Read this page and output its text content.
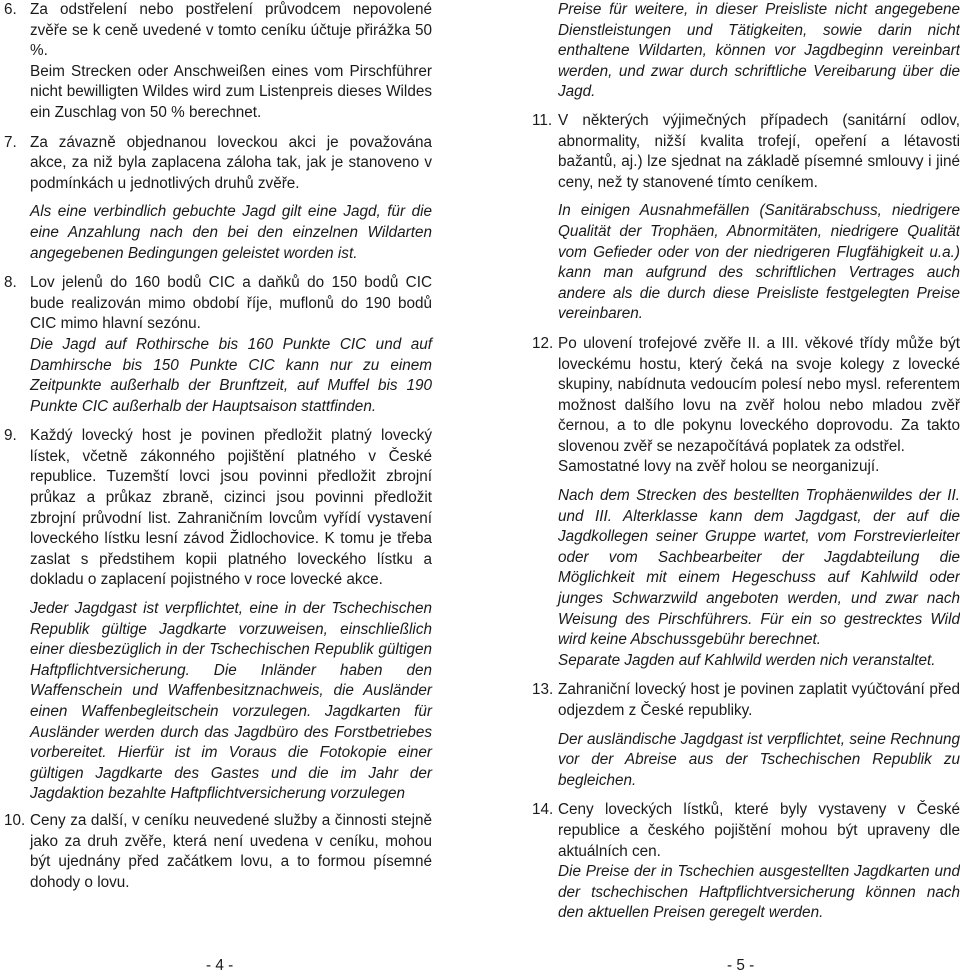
6. Za odstřelení nebo postřelení průvodcem nepovolené zvěře se k ceně uvedené v tomto ceníku účtuje přirážka 50 %.

Beim Strecken oder Anschweißen eines vom Pirschführer nicht bewilligten Wildes wird zum Listenpreis dieses Wildes ein Zuschlag von 50 % berechnet.

7. Za závazně objednanou loveckou akci je považována akce, za niž byla zaplacena záloha tak, jak je stanoveno v podmínkách u jednotlivých druhů zvěře.

Als eine verbindlich gebuchte Jagd gilt eine Jagd, für die eine Anzahlung nach den bei den einzelnen Wildarten angegebenen Bedingungen geleistet worden ist.

8. Lov jelenů do 160 bodů CIC a daňků do 150 bodů CIC bude realizován mimo období říje, muflonů do 190 bodů CIC mimo hlavní sezónu.

Die Jagd auf Rothirsche bis 160 Punkte CIC und auf Damhirsche bis 150 Punkte CIC kann nur zu einem Zeitpunkte außerhalb der Brunftzeit, auf Muffel bis 190 Punkte CIC außerhalb der Hauptsaison stattfinden.

9. Každý lovecký host je povinen předložit platný lovecký lístek, včetně zákonného pojištění platného v České republice. Tuzemští lovci jsou povinni předložit zbrojní průkaz a průkaz zbraně, cizinci jsou povinni předložit zbrojní průvodní list. Zahraničním lovcům vyřídí vystavení loveckého lístku lesní závod Židlochovice. K tomu je třeba zaslat s předstihem kopii platného loveckého lístku a dokladu o zaplacení pojistného v roce lovecké akce.

Jeder Jagdgast ist verpflichtet, eine in der Tschechischen Republik gültige Jagdkarte vorzuweisen, einschließlich einer diesbezüglich in der Tschechischen Republik gültigen Haftpflichtversicherung. Die Inländer haben den Waffenschein und Waffenbesitznachweis, die Ausländer einen Waffenbegleitschein vorzulegen. Jagdkarten für Ausländer werden durch das Jagdbüro des Forstbetriebes vorbereitet. Hierfür ist im Voraus die Fotokopie einer gültigen Jagdkarte des Gastes und die im Jahr der Jagdaktion bezahlte Haftpflichtversicherung vorzulegen

10. Ceny za další, v ceníku neuvedené služby a činnosti stejně jako za druh zvěře, která není uvedena v ceníku, mohou být ujednány před začátkem lovu, a to formou písemné dohody o lovu.

Preise für weitere, in dieser Preisliste nicht angegebene Dienstleistungen und Tätigkeiten, sowie darin nicht enthaltene Wildarten, können vor Jagdbeginn vereinbart werden, und zwar durch schriftliche Vereibarung über die Jagd.

11. V některých výjimečných případech (sanitární odlov, abnormality, nižší kvalita trofejí, opeření a létavosti bažantů, aj.) lze sjednat na základě písemné smlouvy i jiné ceny, než ty stanovené tímto ceníkem.

In einigen Ausnahmefällen (Sanitärabschuss, niedrigere Qualität der Trophäen, Abnormitäten, niedrigere Qualität vom Gefieder oder von der niedrigeren Flugfähigkeit u.a.) kann man aufgrund des schriftlichen Vertrages auch andere als die durch diese Preisliste festgelegten Preise vereinbaren.

12. Po ulovení trofejové zvěře II. a III. věkové třídy může být loveckému hostu, který čeká na svoje kolegy z lovecké skupiny, nabídnuta vedoucím polesí nebo mysl. referentem možnost dalšího lovu na zvěř holou nebo mladou zvěř černou, a to dle pokynu loveckého doprovodu. Za takto slovenou zvěř se nezapočítává poplatek za odstřel.

Samostatné lovy na zvěř holou se neorganizují.

Nach dem Strecken des bestellten Trophäenwildes der II. und III. Alterklasse kann dem Jagdgast, der auf die Jagdkollegen seiner Gruppe wartet, vom Forstrevierleiter oder vom Sachbearbeiter der Jagdabteilung die Möglichkeit mit einem Hegeschuss auf Kahlwild oder junges Schwarzwild angeboten werden, und zwar nach Weisung des Pirschführers. Für ein so gestrecktes Wild wird keine Abschussgebühr berechnet.

Separate Jagden auf Kahlwild werden nich veranstaltet.

13. Zahraniční lovecký host je povinen zaplatit vyúčtování před odjezdem z České republiky.

Der ausländische Jagdgast ist verpflichtet, seine Rechnung vor der Abreise aus der Tschechischen Republik zu begleichen.

14. Ceny loveckých lístků, které byly vystaveny v České republice a českého pojištění mohou být upraveny dle aktuálních cen.

Die Preise der in Tschechien ausgestellten Jagdkarten und der tschechischen Haftpflichtversicherung können nach den aktuellen Preisen geregelt werden.

- 4 -	- 5 -
